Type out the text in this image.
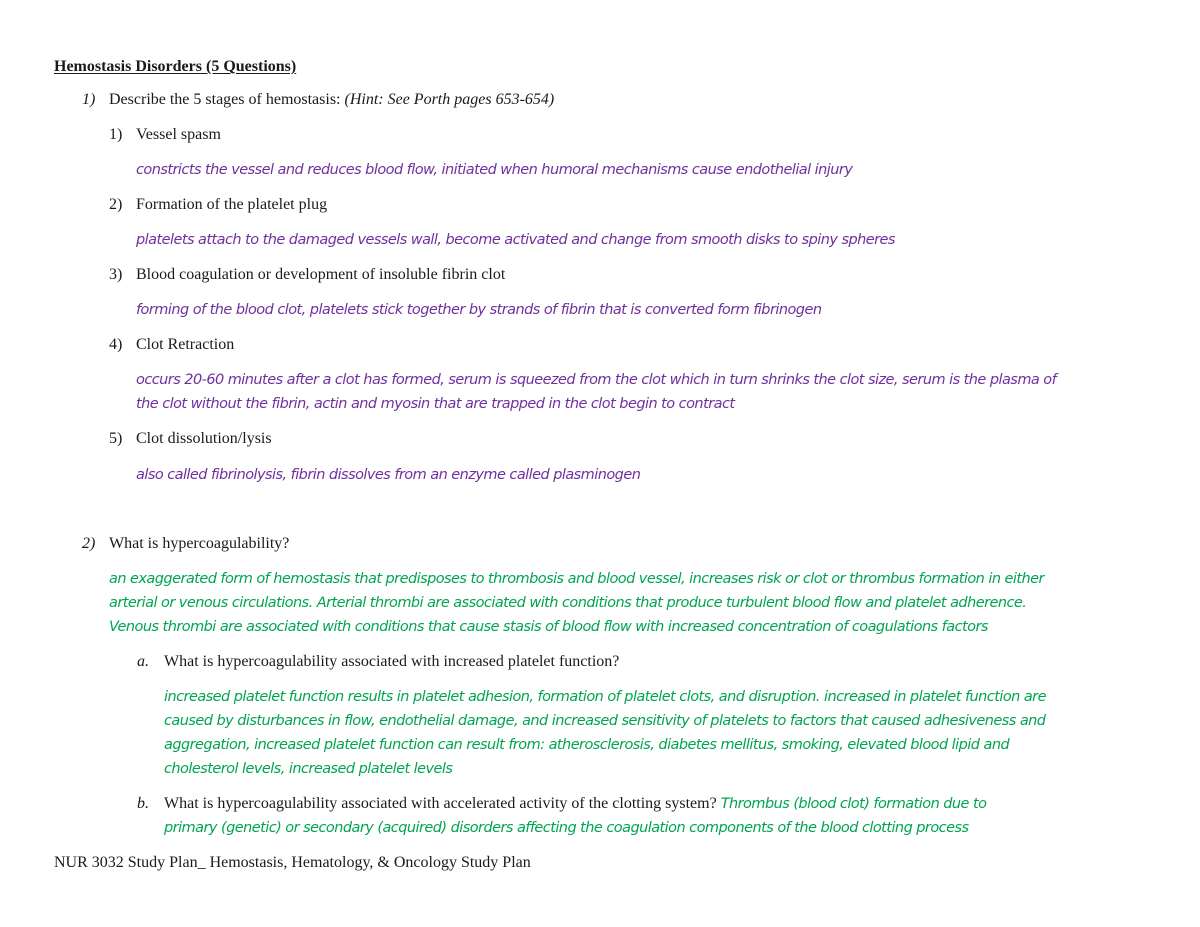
Hemostasis Disorders (5 Questions)
1) Describe the 5 stages of hemostasis: (Hint: See Porth pages 653-654)
1) Vessel spasm
constricts the vessel and reduces blood flow, initiated when humoral mechanisms cause endothelial injury
2) Formation of the platelet plug
platelets attach to the damaged vessels wall, become activated and change from smooth disks to spiny spheres
3) Blood coagulation or development of insoluble fibrin clot
forming of the blood clot, platelets stick together by strands of fibrin that is converted form fibrinogen
4) Clot Retraction
occurs 20-60 minutes after a clot has formed, serum is squeezed from the clot which in turn shrinks the clot size, serum is the plasma of
the clot without the fibrin, actin and myosin that are trapped in the clot begin to contract
5) Clot dissolution/lysis
also called fibrinolysis, fibrin dissolves from an enzyme called plasminogen
2) What is hypercoagulability?
an exaggerated form of hemostasis that predisposes to thrombosis and blood vessel, increases risk or clot or thrombus formation in either
arterial or venous circulations. Arterial thrombi are associated with conditions that produce turbulent blood flow and platelet adherence.
Venous thrombi are associated with conditions that cause stasis of blood flow with increased concentration of coagulations factors
a. What is hypercoagulability associated with increased platelet function?
increased platelet function results in platelet adhesion, formation of platelet clots, and disruption. increased in platelet function are
caused by disturbances in flow, endothelial damage, and increased sensitivity of platelets to factors that caused adhesiveness and
aggregation, increased platelet function can result from: atherosclerosis, diabetes mellitus, smoking, elevated blood lipid and
cholesterol levels, increased platelet levels
b. What is hypercoagulability associated with accelerated activity of the clotting system? Thrombus (blood clot) formation due to
primary (genetic) or secondary (acquired) disorders affecting the coagulation components of the blood clotting process
NUR 3032 Study Plan_ Hemostasis, Hematology, & Oncology Study Plan
